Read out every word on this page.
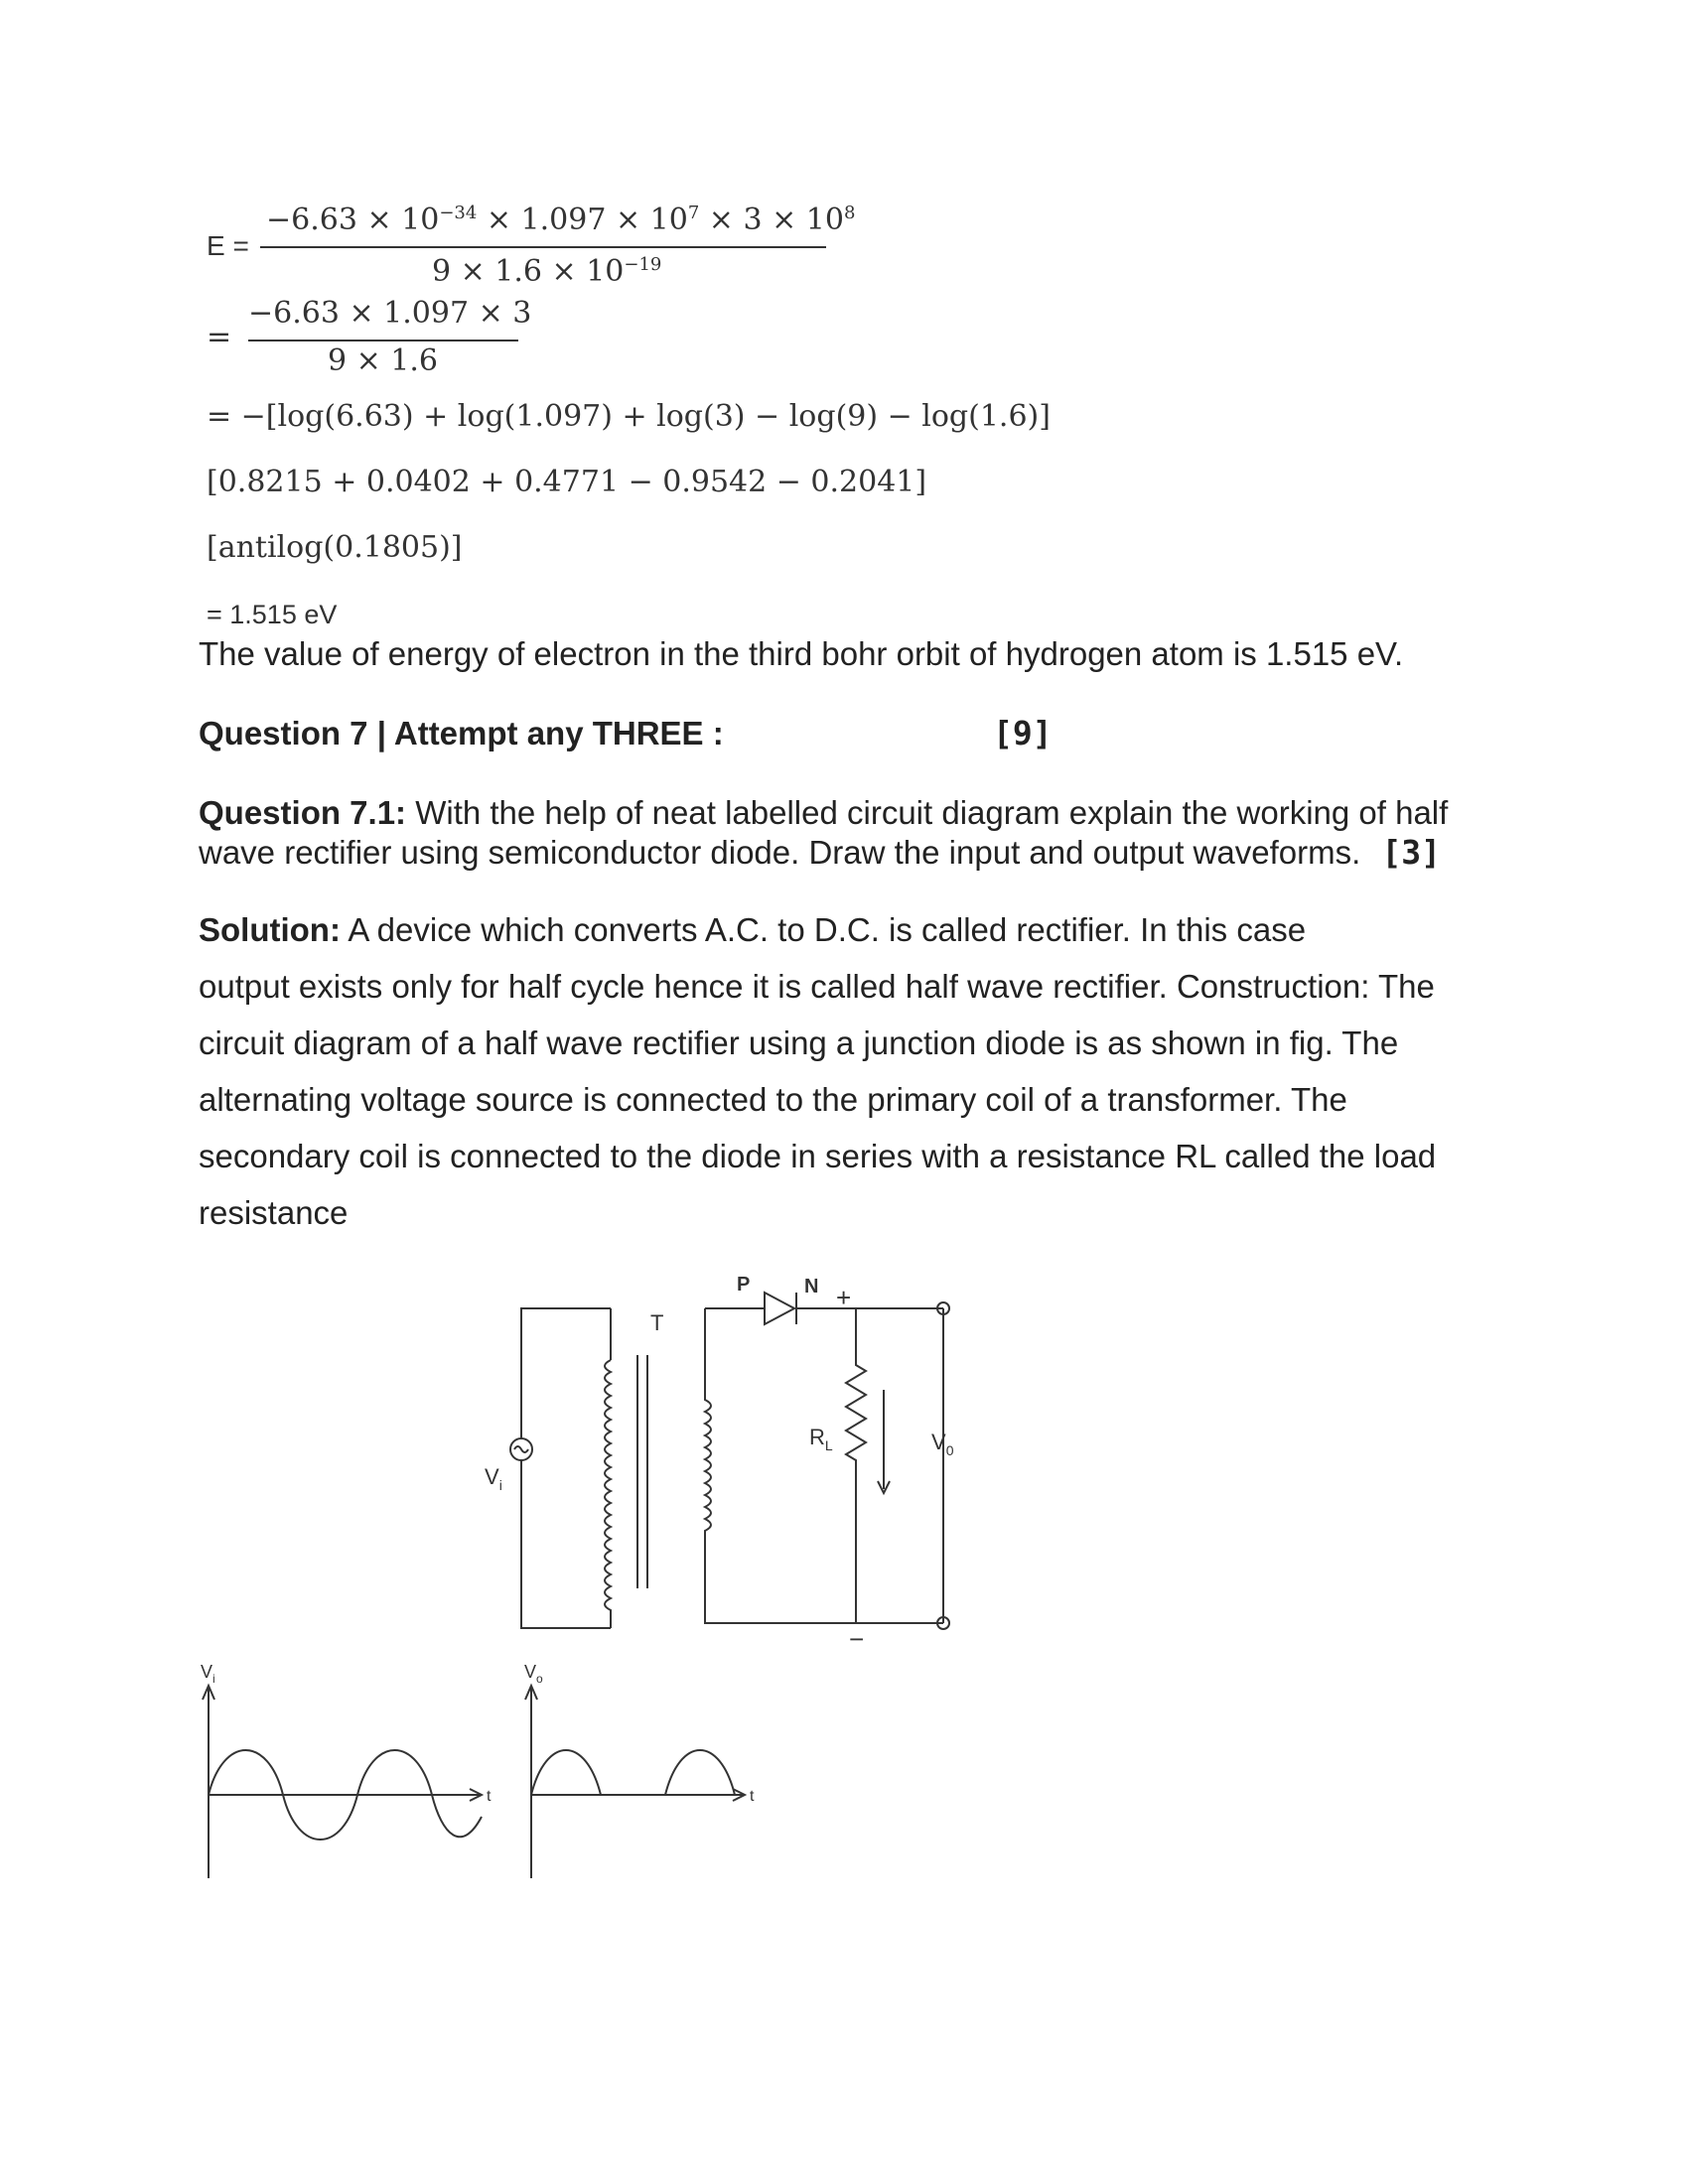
E =
$-6.63 \times 10^{-34} \times 1.097 \times 10^7 \times 3 \times 10^8$
$9 \times 1.6 \times 10^{-19}$
=
−6.63 × 1.097 × 3
9 × 1.6
= −[log(6.63) + log(1.097) + log(3) − log(9) − log(1.6)]
[0.8215 + 0.0402 + 0.4771 − 0.9542 − 0.2041]
[antilog(0.1805)]
= 1.515 eV
The value of energy of electron in the third bohr orbit of hydrogen atom is 1.515 eV.
Question 7 | Attempt any THREE :	[9]
Question 7.1: With the help of neat labelled circuit diagram explain the working of half
wave rectifier using semiconductor diode. Draw the input and output waveforms. [3]
Solution: A device which converts A.C. to D.C. is called rectifier. In this case
output exists only for half cycle hence it is called half wave rectifier. Construction: The
circuit diagram of a half wave rectifier using a junction diode is as shown in fig. The
alternating voltage source is connected to the primary coil of a transformer. The
secondary coil is connected to the diode in series with a resistance RL called the load
resistance
T
P	N +
−
$V_i$
$R_L$	$V_0$
$V_i$
t
$V_o$
t
